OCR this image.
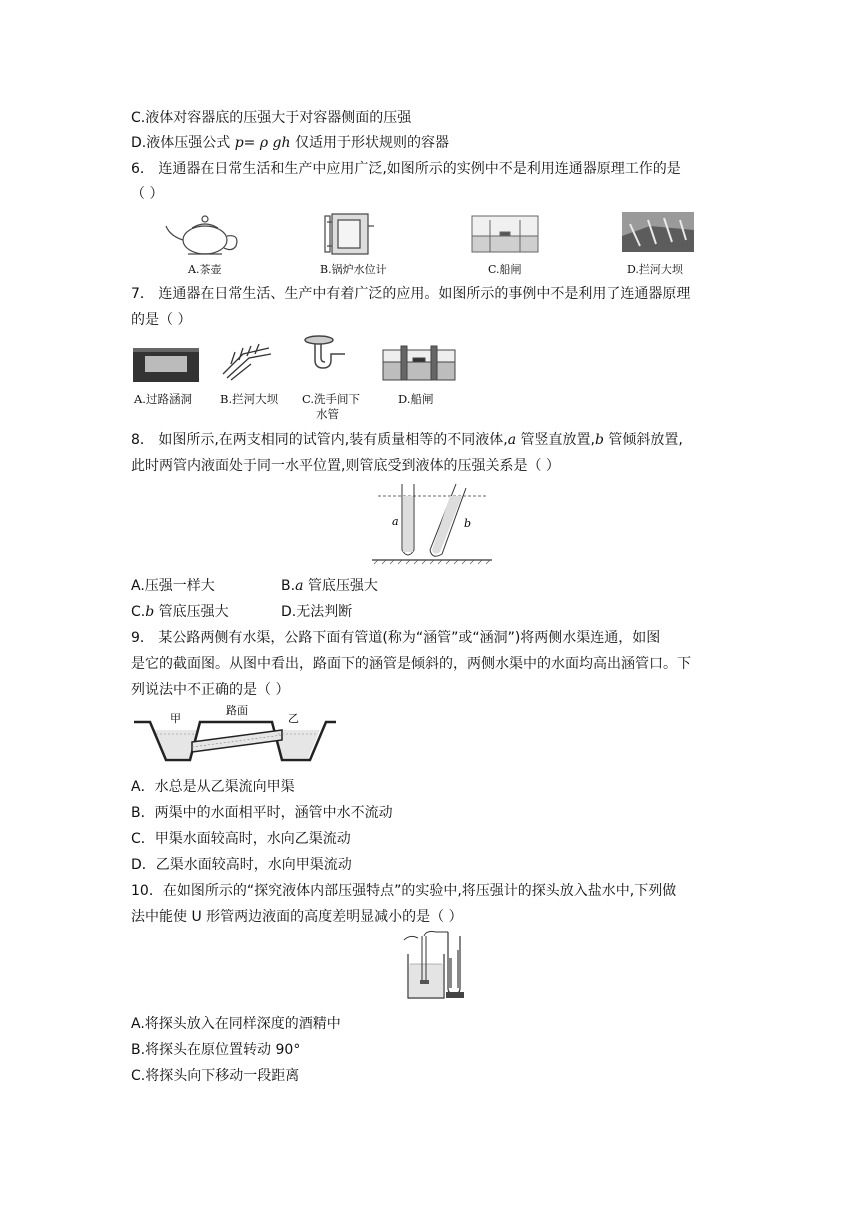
C.液体对容器底的压强大于对容器侧面的压强
D.液体压强公式 p= ρ gh 仅适用于形状规则的容器
6． 连通器在日常生活和生产中应用广泛,如图所示的实例中不是利用连通器原理工作的是
（ ）
A.茶壶	B.锅炉水位计	C.船闸	D.拦河大坝
7． 连通器在日常生活、生产中有着广泛的应用。如图所示的事例中不是利用了连通器原理
的是（ ）
A.过路涵洞 B.拦河大坝 C.洗手间下
水管
D.船闸
8． 如图所示,在两支相同的试管内,装有质量相等的不同液体,a 管竖直放置,b 管倾斜放置,
此时两管内液面处于同一水平位置,则管底受到液体的压强关系是（ ）
a	b
A.压强一样大	B.a 管底压强大
C.b 管底压强大	D.无法判断
9． 某公路两侧有水渠，公路下面有管道(称为“涵管”或“涵洞”)将两侧水渠连通，如图
是它的截面图。从图中看出，路面下的涵管是倾斜的，两侧水渠中的水面均高出涵管口。下
列说法中不正确的是（ ）
甲
路面
乙
A．水总是从乙渠流向甲渠
B．两渠中的水面相平时，涵管中水不流动
C．甲渠水面较高时，水向乙渠流动
D．乙渠水面较高时，水向甲渠流动
10．在如图所示的“探究液体内部压强特点”的实验中,将压强计的探头放入盐水中,下列做
法中能使 U 形管两边液面的高度差明显减小的是（ ）
A.将探头放入在同样深度的酒精中
B.将探头在原位置转动 90°
C.将探头向下移动一段距离
